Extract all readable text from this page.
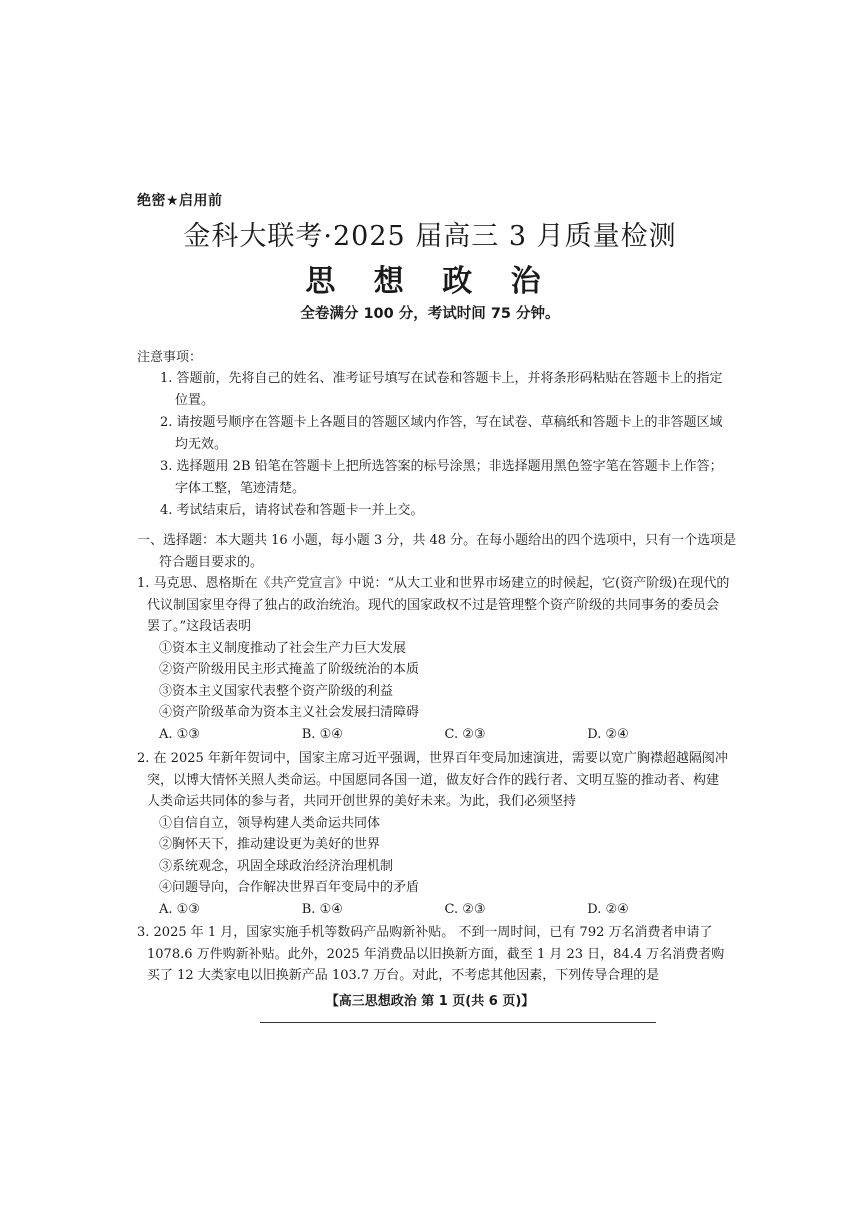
绝密★启用前
金科大联考·2025 届高三 3 月质量检测
思 想 政 治
全卷满分 100 分，考试时间 75 分钟。
注意事项：
1. 答题前，先将自己的姓名、准考证号填写在试卷和答题卡上，并将条形码粘贴在答题卡上的指定位置。
2. 请按题号顺序在答题卡上各题目的答题区域内作答，写在试卷、草稿纸和答题卡上的非答题区域均无效。
3. 选择题用 2B 铅笔在答题卡上把所选答案的标号涂黑；非选择题用黑色签字笔在答题卡上作答；字体工整，笔迹清楚。
4. 考试结束后，请将试卷和答题卡一并上交。
一、选择题：本大题共 16 小题，每小题 3 分，共 48 分。在每小题给出的四个选项中，只有一个选项是符合题目要求的。
1. 马克思、恩格斯在《共产党宣言》中说：“从大工业和世界市场建立的时候起，它(资产阶级)在现代的代议制国家里夺得了独占的政治统治。现代的国家政权不过是管理整个资产阶级的共同事务的委员会罢了。”这段话表明
①资本主义制度推动了社会生产力巨大发展
②资产阶级用民主形式掩盖了阶级统治的本质
③资本主义国家代表整个资产阶级的利益
④资产阶级革命为资本主义社会发展扫清障碍
A. ①③	B. ①④	C. ②③	D. ②④
2. 在 2025 年新年贺词中，国家主席习近平强调，世界百年变局加速演进，需要以宽广胸襟超越隔阂冲突，以博大情怀关照人类命运。中国愿同各国一道，做友好合作的践行者、文明互鉴的推动者、构建人类命运共同体的参与者，共同开创世界的美好未来。为此，我们必须坚持
①自信自立，领导构建人类命运共同体
②胸怀天下，推动建设更为美好的世界
③系统观念，巩固全球政治经济治理机制
④问题导向，合作解决世界百年变局中的矛盾
A. ①③	B. ①④	C. ②③	D. ②④
3. 2025 年 1 月，国家实施手机等数码产品购新补贴。 不到一周时间，已有 792 万名消费者申请了 1078.6 万件购新补贴。此外，2025 年消费品以旧换新方面，截至 1 月 23 日，84.4 万名消费者购买了 12 大类家电以旧换新产品 103.7 万台。对此，不考虑其他因素，下列传导合理的是
【高三思想政治 第 1 页(共 6 页)】
